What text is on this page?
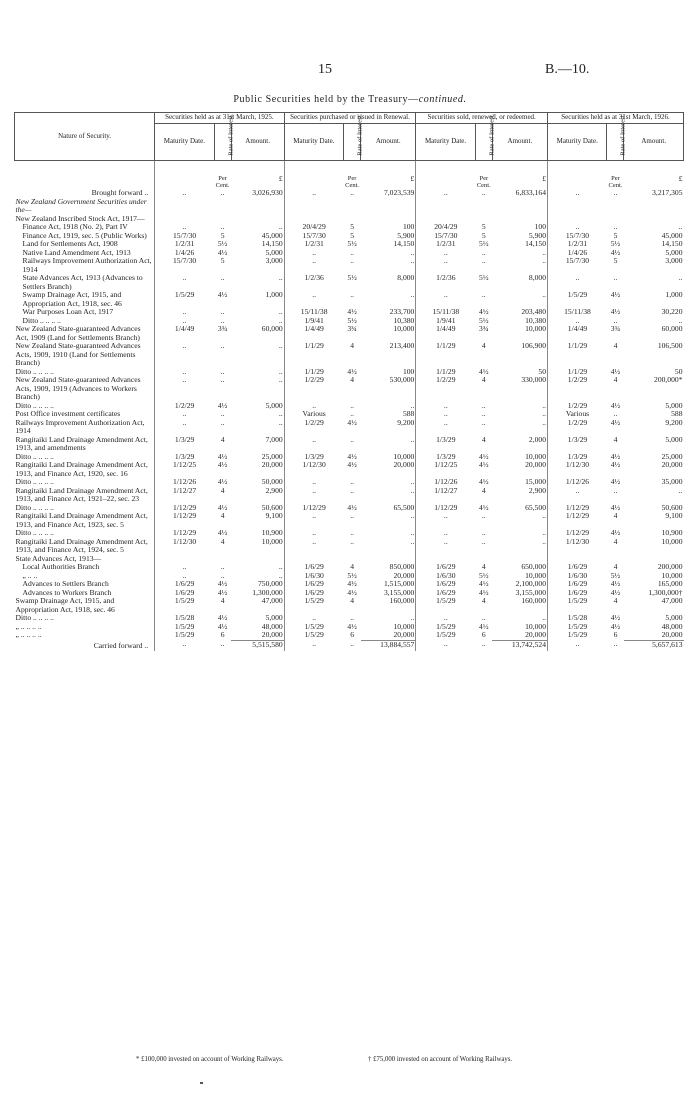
15	B.—10.
Public Securities held by the Treasury—continued.
Nature of Security.	Securities held as at 31st March, 1925.			Securities purchased or issued in Renewal.			Securities sold, renewed, or redeemed.			Securities held as at 31st March, 1926.		
	Maturity Date.	Rate of Interest.	Amount.	Maturity Date.	Rate of Interest.	Amount.	Maturity Date.	Rate of Interest.	Amount.	Maturity Date.	Rate of Interest.	Amount.
		Per Cent.	£		Per Cent.	£		Per Cent.	£		Per Cent.	£
Brought forward ..	..	..	3,026,930	..	..	7,023,539	..	..	6,833,164	..	..	3,217,305
New Zealand Government Securities under the—												
New Zealand Inscribed Stock Act, 1917—												
Finance Act, 1918 (No. 2), Part IV	..	..	..	20/4/29	5	100	20/4/29	5	100	..	..	..
Finance Act, 1919, sec. 5 (Public Works)	15/7/30	5	45,000	15/7/30	5	5,900	15/7/30	5	5,900	15/7/30	5	45,000
Land for Settlements Act, 1908	1/2/31	5½	14,150	1/2/31	5½	14,150	1/2/31	5½	14,150	1/2/31	5½	14,150
Native Land Amendment Act, 1913	1/4/26	4½	5,000	..	..	..	..	..	..	1/4/26	4½	5,000
Railways Improvement Authorization Act, 1914	15/7/30	5	3,000	..	..	..	..	..	..	15/7/30	5	3,000
State Advances Act, 1913 (Advances to Settlers Branch)	..	..	..	1/2/36	5½	8,000	1/2/36	5½	8,000	..	..	..
Swamp Drainage Act, 1915, and Appropriation Act, 1918, sec. 46	1/5/29	4½	1,000	..	..	..	..	..	..	1/5/29	4½	1,000
War Purposes Loan Act, 1917	..	..	..	15/11/38	4½	233,700	15/11/38	4½	203,480	15/11/38	4½	30,220
Ditto .. .. .. ..	..	..	..	1/9/41	5½	10,380	1/9/41	5½	10,380	..	..	..
New Zealand State-guaranteed Advances Act, 1909 (Land for Settlements Branch)	1/4/49	3¾	60,000	1/4/49	3¾	10,000	1/4/49	3¾	10,000	1/4/49	3¾	60,000
New Zealand State-guaranteed Advances Acts, 1909, 1910 (Land for Settlements Branch)	..	..	..	1/1/29	4	213,400	1/1/29	4	106,900	1/1/29	4	106,500
Ditto .. .. .. ..	..	..	..	1/1/29	4½	100	1/1/29	4½	50	1/1/29	4½	50
New Zealand State-guaranteed Advances Acts, 1909, 1919 (Advances to Workers Branch)	..	..	..	1/2/29	4	530,000	1/2/29	4	330,000	1/2/29	4	200,000*
Ditto .. .. .. ..	1/2/29	4½	5,000	..	..	..	..	..	..	1/2/29	4½	5,000
Post Office investment certificates	..	..	..	Various	..	588	..	..	..	Various	..	588
Railways Improvement Authorization Act, 1914	..	..	..	1/2/29	4½	9,200	..	..	..	1/2/29	4½	9,200
Rangitaiki Land Drainage Amendment Act, 1913, and amendments	1/3/29	4	7,000	..	..	..	1/3/29	4	2,000	1/3/29	4	5,000
Ditto .. .. .. ..	1/3/29	4½	25,000	1/3/29	4½	10,000	1/3/29	4½	10,000	1/3/29	4½	25,000
Rangitaiki Land Drainage Amendment Act, 1913, and Finance Act, 1920, sec. 16	1/12/25	4½	20,000	1/12/30	4½	20,000	1/12/25	4½	20,000	1/12/30	4½	20,000
Ditto .. .. .. ..	1/12/26	4½	50,000	..	..	..	1/12/26	4½	15,000	1/12/26	4½	35,000
Rangitaiki Land Drainage Amendment Act, 1913, and Finance Act, 1921–22, sec. 23	1/12/27	4	2,900	..	..	..	1/12/27	4	2,900	..	..	..
Ditto .. .. .. ..	1/12/29	4½	50,600	1/12/29	4½	65,500	1/12/29	4½	65,500	1/12/29	4½	50,600
Rangitaiki Land Drainage Amendment Act, 1913, and Finance Act, 1923, sec. 5	1/12/29	4	9,100	..	..	..	..	..	..	1/12/29	4	9,100
Ditto .. .. .. ..	1/12/29	4½	10,900	..	..	..	..	..	..	1/12/29	4½	10,900
Rangitaiki Land Drainage Amendment Act, 1913, and Finance Act, 1924, sec. 5	1/12/30	4	10,000	..	..	..	..	..	..	1/12/30	4	10,000
State Advances Act, 1913—												
Local Authorities Branch	..	..	..	1/6/29	4	850,000	1/6/29	4	650,000	1/6/29	4	200,000
„ .. ..	..	..	..	1/6/30	5½	20,000	1/6/30	5½	10,000	1/6/30	5½	10,000
Advances to Settlers Branch	1/6/29	4½	750,000	1/6/29	4½	1,515,000	1/6/29	4½	2,100,000	1/6/29	4½	165,000
Advances to Workers Branch	1/6/29	4½	1,300,000	1/6/29	4½	3,155,000	1/6/29	4½	3,155,000	1/6/29	4½	1,300,000†
Swamp Drainage Act, 1915, and Appropriation Act, 1918, sec. 46	1/5/29	4	47,000	1/5/29	4	160,000	1/5/29	4	160,000	1/5/29	4	47,000
Ditto .. .. .. ..	1/5/28	4½	5,000	..	..	..	..	..	..	1/5/28	4½	5,000
„ .. .. .. ..	1/5/29	4½	48,000	1/5/29	4½	10,000	1/5/29	4½	10,000	1/5/29	4½	48,000
„ .. .. .. ..	1/5/29	6	20,000	1/5/29	6	20,000	1/5/29	6	20,000	1/5/29	6	20,000
Carried forward ..	..	..	5,515,580	..	..	13,884,557	..	..	13,742,524	..	..	5,657,613
* £100,000 invested on account of Working Railways.	† £75,000 invested on account of Working Railways.
